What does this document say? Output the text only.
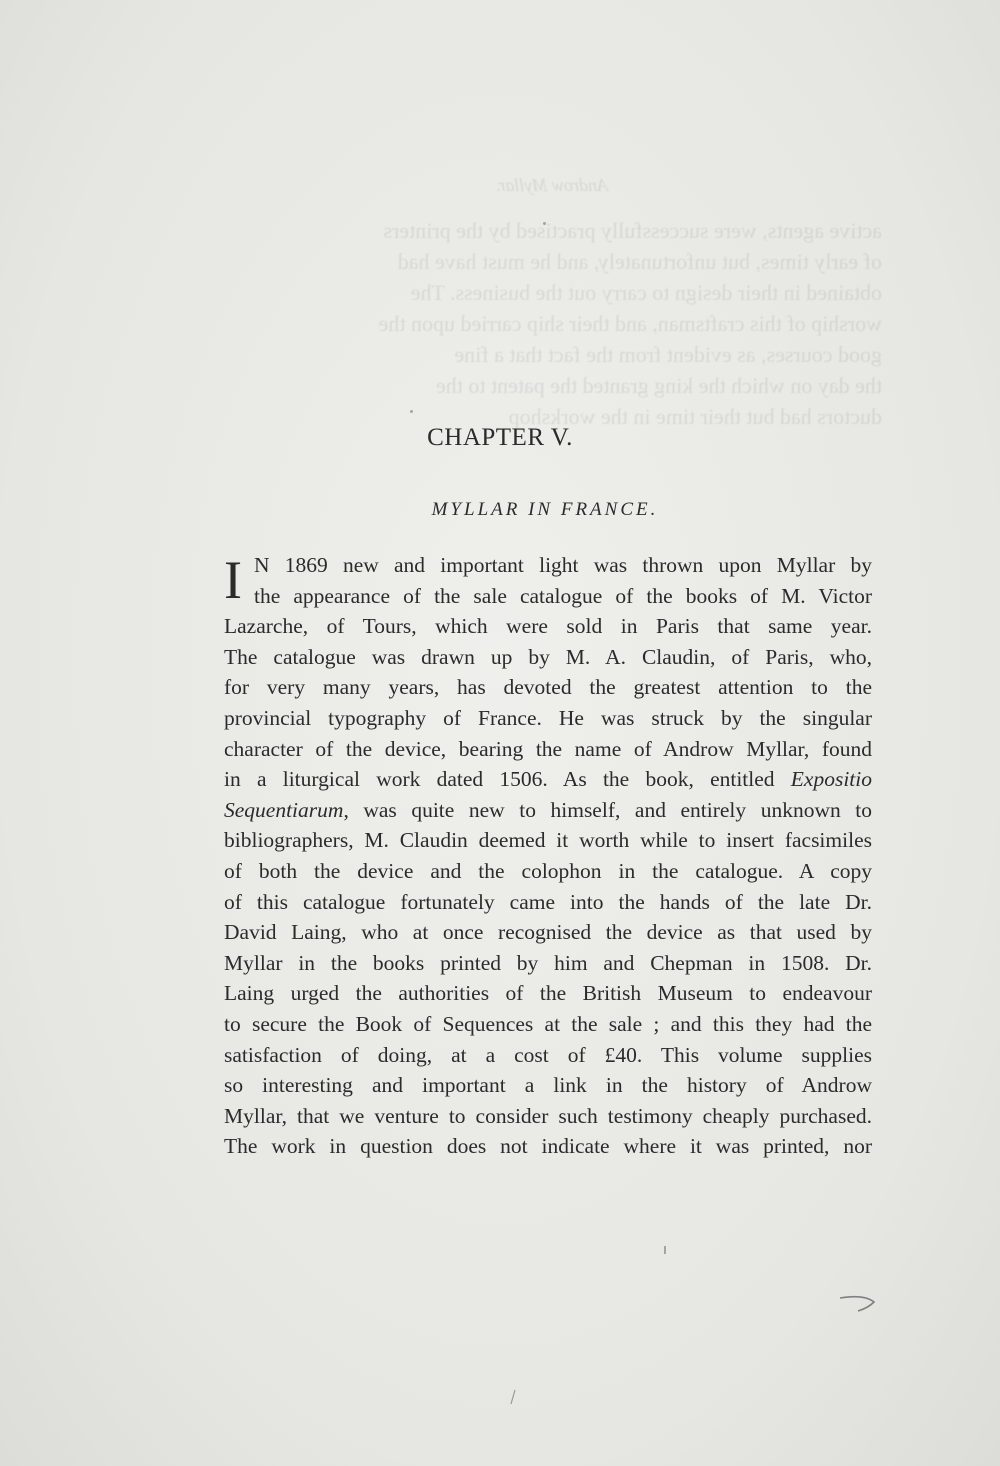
Androw Myllar.
active agents, were successfully practised by the printers
of early times, but unfortunately, and he must have had
obtained in their design to carry out the business. The
worship of this craftsman, and their ship carried upon the
good courses, as evident from the fact that a fine
the day on which the king granted the patent to the
ductors had but their time in the workshop
CHAPTER V.
MYLLAR IN FRANCE.
I N 1869 new and important light was thrown upon Myllar by
the appearance of the sale catalogue of the books of M. Victor
Lazarche, of Tours, which were sold in Paris that same year.
The catalogue was drawn up by M. A. Claudin, of Paris, who,
for very many years, has devoted the greatest attention to the
provincial typography of France. He was struck by the singular
character of the device, bearing the name of Androw Myllar, found
in a liturgical work dated 1506. As the book, entitled Expositio
Sequentiarum, was quite new to himself, and entirely unknown to
bibliographers, M. Claudin deemed it worth while to insert facsimiles
of both the device and the colophon in the catalogue. A copy
of this catalogue fortunately came into the hands of the late Dr.
David Laing, who at once recognised the device as that used by
Myllar in the books printed by him and Chepman in 1508. Dr.
Laing urged the authorities of the British Museum to endeavour
to secure the Book of Sequences at the sale ; and this they had the
satisfaction of doing, at a cost of £40. This volume supplies
so interesting and important a link in the history of Androw
Myllar, that we venture to consider such testimony cheaply purchased.
The work in question does not indicate where it was printed, nor
